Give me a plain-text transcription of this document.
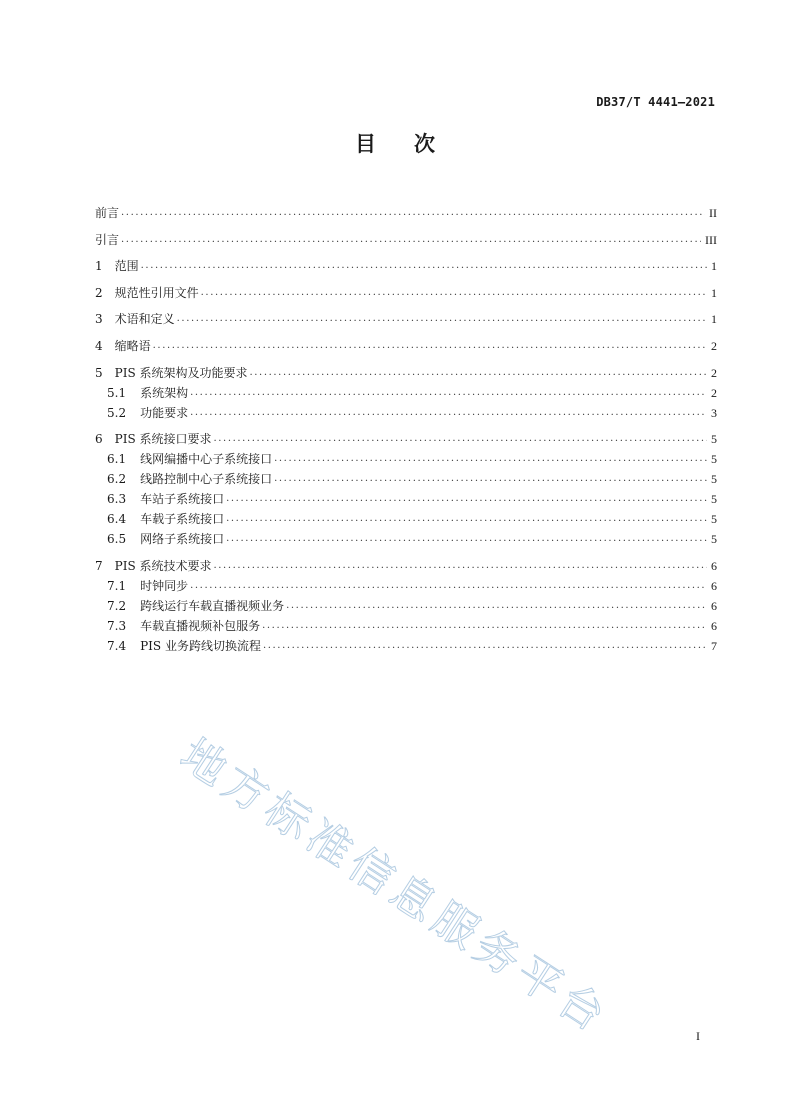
DB37/T 4441—2021
目 次
前言 .....	II
引言 .....	III
1 范围 .....	1
2 规范性引用文件 .....	1
3 术语和定义 .....	1
4 缩略语 .....	2
5 PIS 系统架构及功能要求 .....	2
5.1 系统架构 .....	2
5.2 功能要求 .....	3
6 PIS 系统接口要求 .....	5
6.1 线网编播中心子系统接口 .....	5
6.2 线路控制中心子系统接口 .....	5
6.3 车站子系统接口 .....	5
6.4 车载子系统接口 .....	5
6.5 网络子系统接口 .....	5
7 PIS 系统技术要求 .....	6
7.1 时钟同步 .....	6
7.2 跨线运行车载直播视频业务 .....	6
7.3 车载直播视频补包服务 .....	6
7.4 PIS 业务跨线切换流程 .....	7
地方标准信息服务平台	I
